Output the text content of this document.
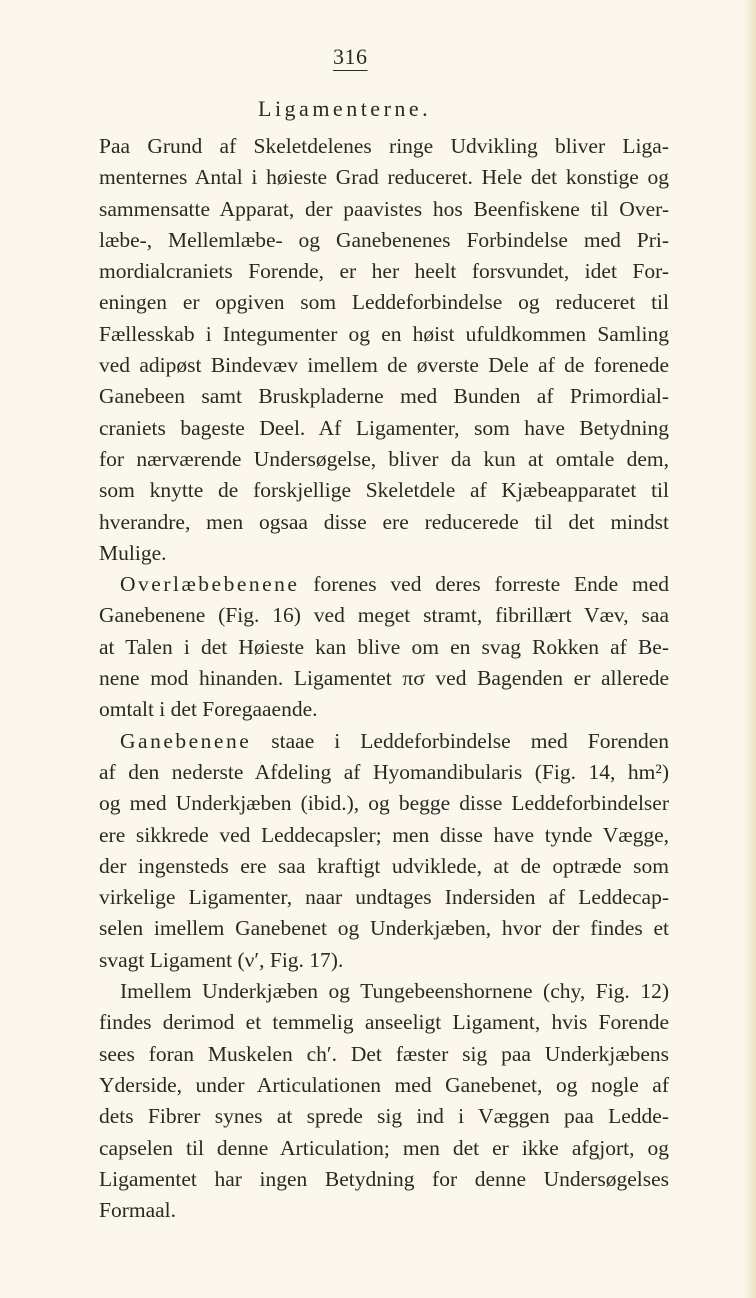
316
Ligamenterne.
Paa Grund af Skeletdelenes ringe Udvikling bliver Liga-
menternes Antal i høieste Grad reduceret. Hele det konstige og
sammensatte Apparat, der paavistes hos Beenfiskene til Over-
læbe-, Mellemlæbe- og Ganebenenes Forbindelse med Pri-
mordialcraniets Forende, er her heelt forsvundet, idet For-
eningen er opgiven som Leddeforbindelse og reduceret til
Fællesskab i Integumenter og en høist ufuldkommen Samling
ved adipøst Bindevæv imellem de øverste Dele af de forenede
Ganebeen samt Bruskpladerne med Bunden af Primordial-
craniets bageste Deel. Af Ligamenter, som have Betydning
for nærværende Undersøgelse, bliver da kun at omtale dem,
som knytte de forskjellige Skeletdele af Kjæbeapparatet til
hverandre, men ogsaa disse ere reducerede til det mindst
Mulige.
Overlæbebenene forenes ved deres forreste Ende med
Ganebenene (Fig. 16) ved meget stramt, fibrillært Væv, saa
at Talen i det Høieste kan blive om en svag Rokken af Be-
nene mod hinanden. Ligamentet πσ ved Bagenden er allerede
omtalt i det Foregaaende.
Ganebenene staae i Leddeforbindelse med Forenden
af den nederste Afdeling af Hyomandibularis (Fig. 14, hm²)
og med Underkjæben (ibid.), og begge disse Leddeforbindelser
ere sikkrede ved Leddecapsler; men disse have tynde Vægge,
der ingensteds ere saa kraftigt udviklede, at de optræde som
virkelige Ligamenter, naar undtages Indersiden af Leddecap-
selen imellem Ganebenet og Underkjæben, hvor der findes et
svagt Ligament (ν′, Fig. 17).
Imellem Underkjæben og Tungebeenshornene (chy, Fig. 12)
findes derimod et temmelig anseeligt Ligament, hvis Forende
sees foran Muskelen ch′. Det fæster sig paa Underkjæbens
Yderside, under Articulationen med Ganebenet, og nogle af
dets Fibrer synes at sprede sig ind i Væggen paa Ledde-
capselen til denne Articulation; men det er ikke afgjort, og
Ligamentet har ingen Betydning for denne Undersøgelses
Formaal.
